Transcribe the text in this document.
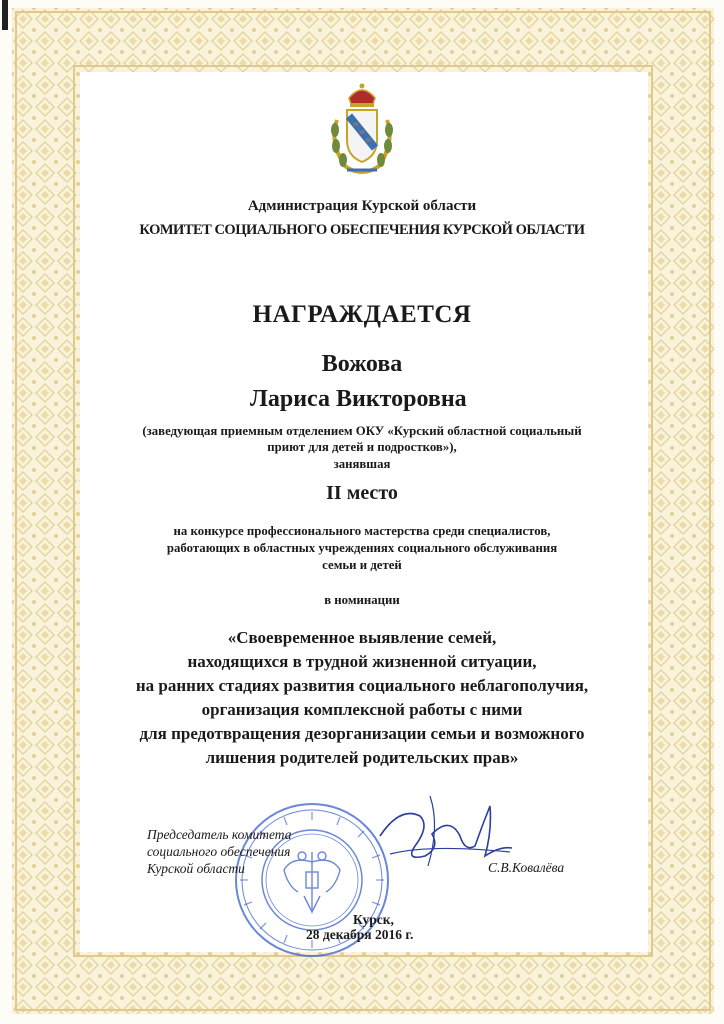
Администрация Курской области
КОМИТЕТ СОЦИАЛЬНОГО ОБЕСПЕЧЕНИЯ КУРСКОЙ ОБЛАСТИ
НАГРАЖДАЕТСЯ
Вожова
Лариса Викторовна
(заведующая приемным отделением ОКУ «Курский областной социальный
приют для детей и подростков»),
занявшая
II место
на конкурсе профессионального мастерства среди специалистов,
работающих в областных учреждениях социального обслуживания
семьи и детей
в номинации
«Своевременное выявление семей,
находящихся в трудной жизненной ситуации,
на ранних стадиях развития социального неблагополучия,
организация комплексной работы с ними
для предотвращения дезорганизации семьи и возможного
лишения родителей родительских прав»
Председатель комитета
социального обеспечения
Курской области	С.В.Ковалёва
Курск,
28 декабря 2016 г.
